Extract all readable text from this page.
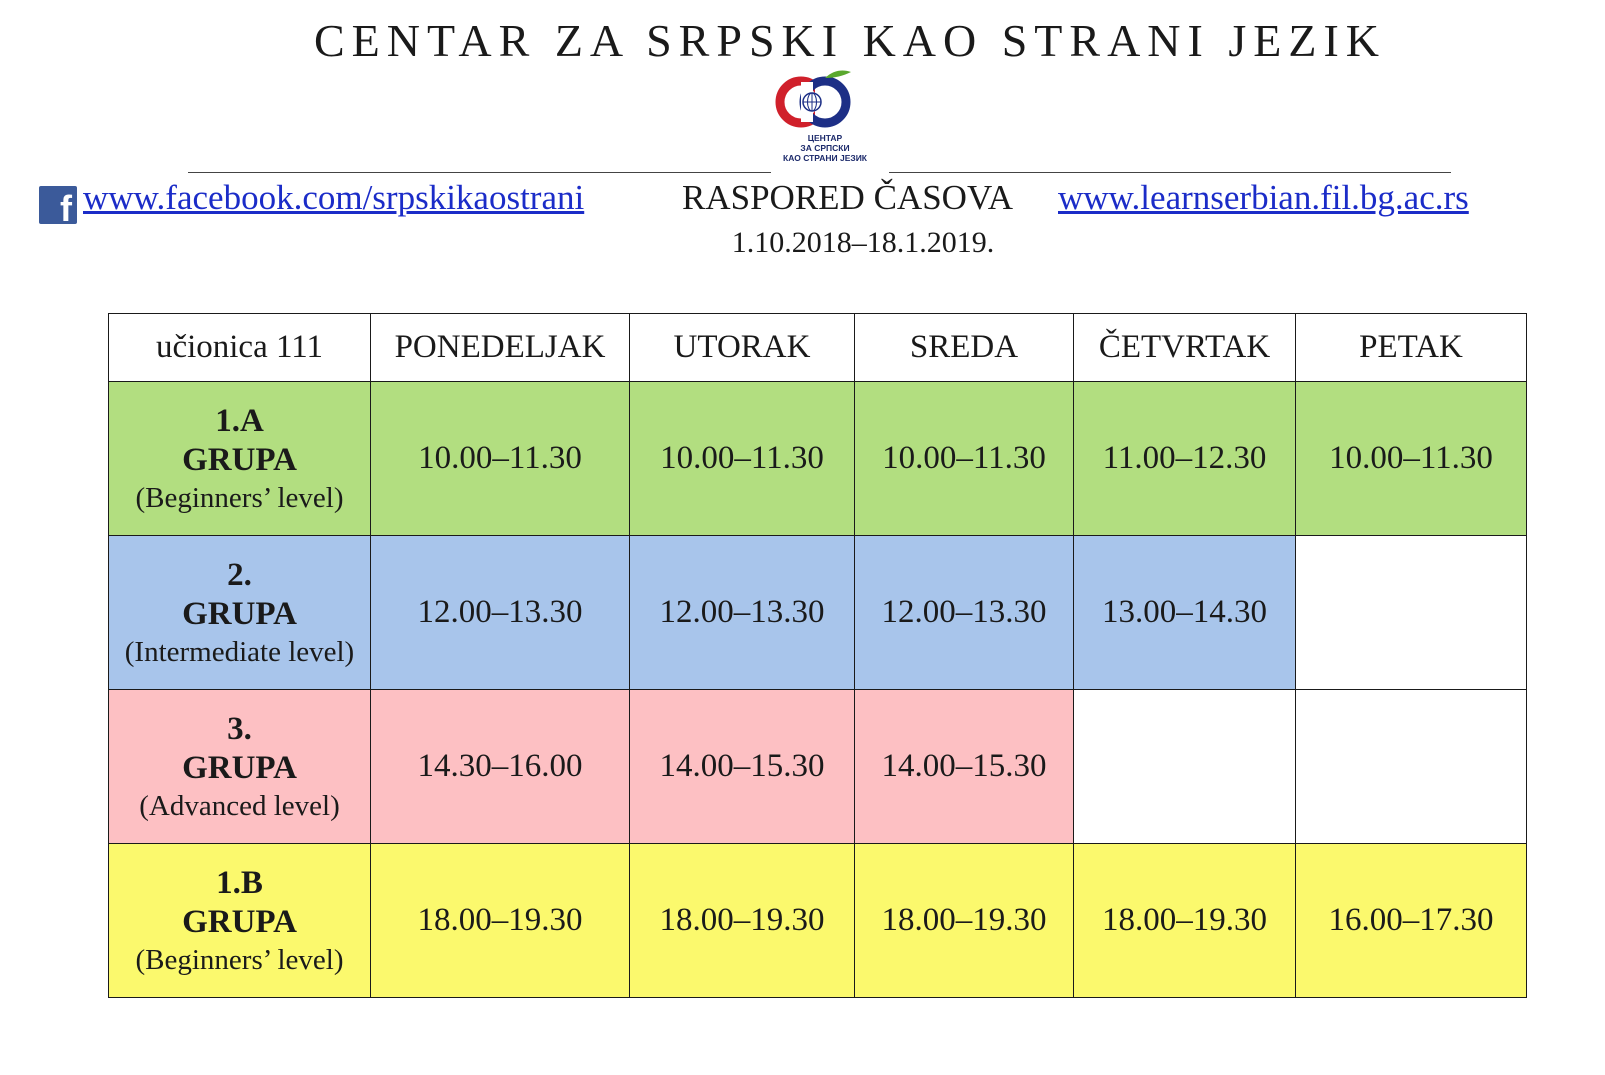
CENTAR ZA SRPSKI KAO STRANI JEZIK
ЦЕНТАР
ЗА СРПСКИ
КАО СТРАНИ ЈЕЗИК
f www.facebook.com/srpskikaostrani	RASPORED ČASOVA www.learnserbian.fil.bg.ac.rs
1.10.2018–18.1.2019.
učionica 111	PONEDELJAK	UTORAK	SREDA	ČETVRTAK	PETAK

1.A
GRUPA
(Beginners’ level)	10.00–11.30	10.00–11.30	10.00–11.30	11.00–12.30	10.00–11.30

2.
GRUPA
(Intermediate level)	12.00–13.30	12.00–13.30	12.00–13.30	13.00–14.30	

3.
GRUPA
(Advanced level)	14.30–16.00	14.00–15.30	14.00–15.30		

1.B
GRUPA
(Beginners’ level)	18.00–19.30	18.00–19.30	18.00–19.30	18.00–19.30	16.00–17.30
